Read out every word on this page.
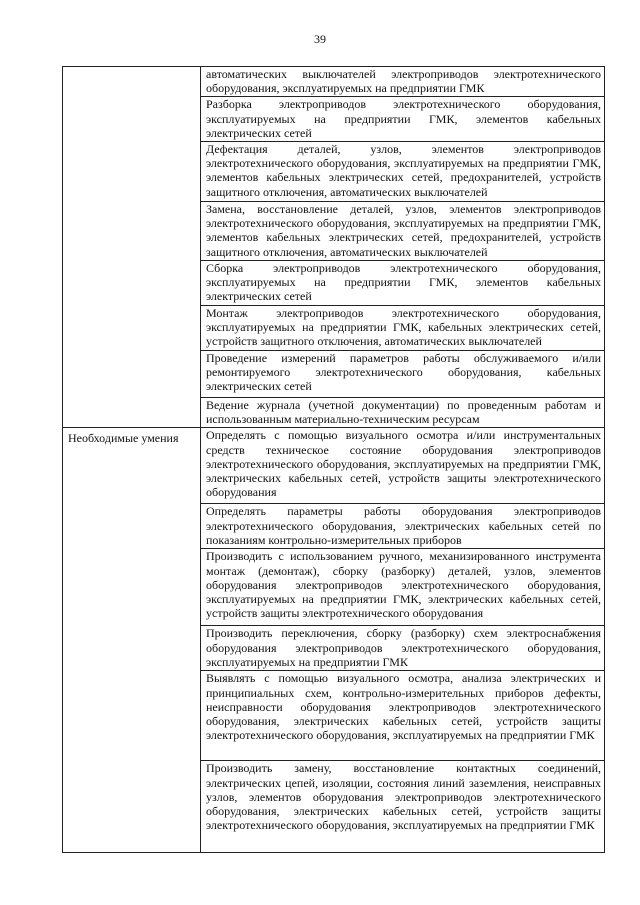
39
	автоматических выключателей электроприводов электротехнического оборудования, эксплуатируемых на предприятии ГМК
	Разборка электроприводов электротехнического оборудования, эксплуатируемых на предприятии ГМК, элементов кабельных электрических сетей
	Дефектация деталей, узлов, элементов электроприводов электротехнического оборудования, эксплуатируемых на предприятии ГМК, элементов кабельных электрических сетей, предохранителей, устройств защитного отключения, автоматических выключателей
	Замена, восстановление деталей, узлов, элементов электроприводов электротехнического оборудования, эксплуатируемых на предприятии ГМК, элементов кабельных электрических сетей, предохранителей, устройств защитного отключения, автоматических выключателей
	Сборка электроприводов электротехнического оборудования, эксплуатируемых на предприятии ГМК, элементов кабельных электрических сетей
	Монтаж электроприводов электротехнического оборудования, эксплуатируемых на предприятии ГМК, кабельных электрических сетей, устройств защитного отключения, автоматических выключателей
	Проведение измерений параметров работы обслуживаемого и/или ремонтируемого электротехнического оборудования, кабельных электрических сетей
	Ведение журнала (учетной документации) по проведенным работам и использованным материально-техническим ресурсам
Необходимые умения	Определять с помощью визуального осмотра и/или инструментальных средств техническое состояние оборудования электроприводов электротехнического оборудования, эксплуатируемых на предприятии ГМК, электрических кабельных сетей, устройств защиты электротехнического оборудования
	Определять параметры работы оборудования электроприводов электротехнического оборудования, электрических кабельных сетей по показаниям контрольно-измерительных приборов
	Производить с использованием ручного, механизированного инструмента монтаж (демонтаж), сборку (разборку) деталей, узлов, элементов оборудования электроприводов электротехнического оборудования, эксплуатируемых на предприятии ГМК, электрических кабельных сетей, устройств защиты электротехнического оборудования
	Производить переключения, сборку (разборку) схем электроснабжения оборудования электроприводов электротехнического оборудования, эксплуатируемых на предприятии ГМК
	Выявлять с помощью визуального осмотра, анализа электрических и принципиальных схем, контрольно-измерительных приборов дефекты, неисправности оборудования электроприводов электротехнического оборудования, электрических кабельных сетей, устройств защиты электротехнического оборудования, эксплуатируемых на предприятии ГМК
	Производить замену, восстановление контактных соединений, электрических цепей, изоляции, состояния линий заземления, неисправных узлов, элементов оборудования электроприводов электротехнического оборудования, электрических кабельных сетей, устройств защиты электротехнического оборудования, эксплуатируемых на предприятии ГМК
